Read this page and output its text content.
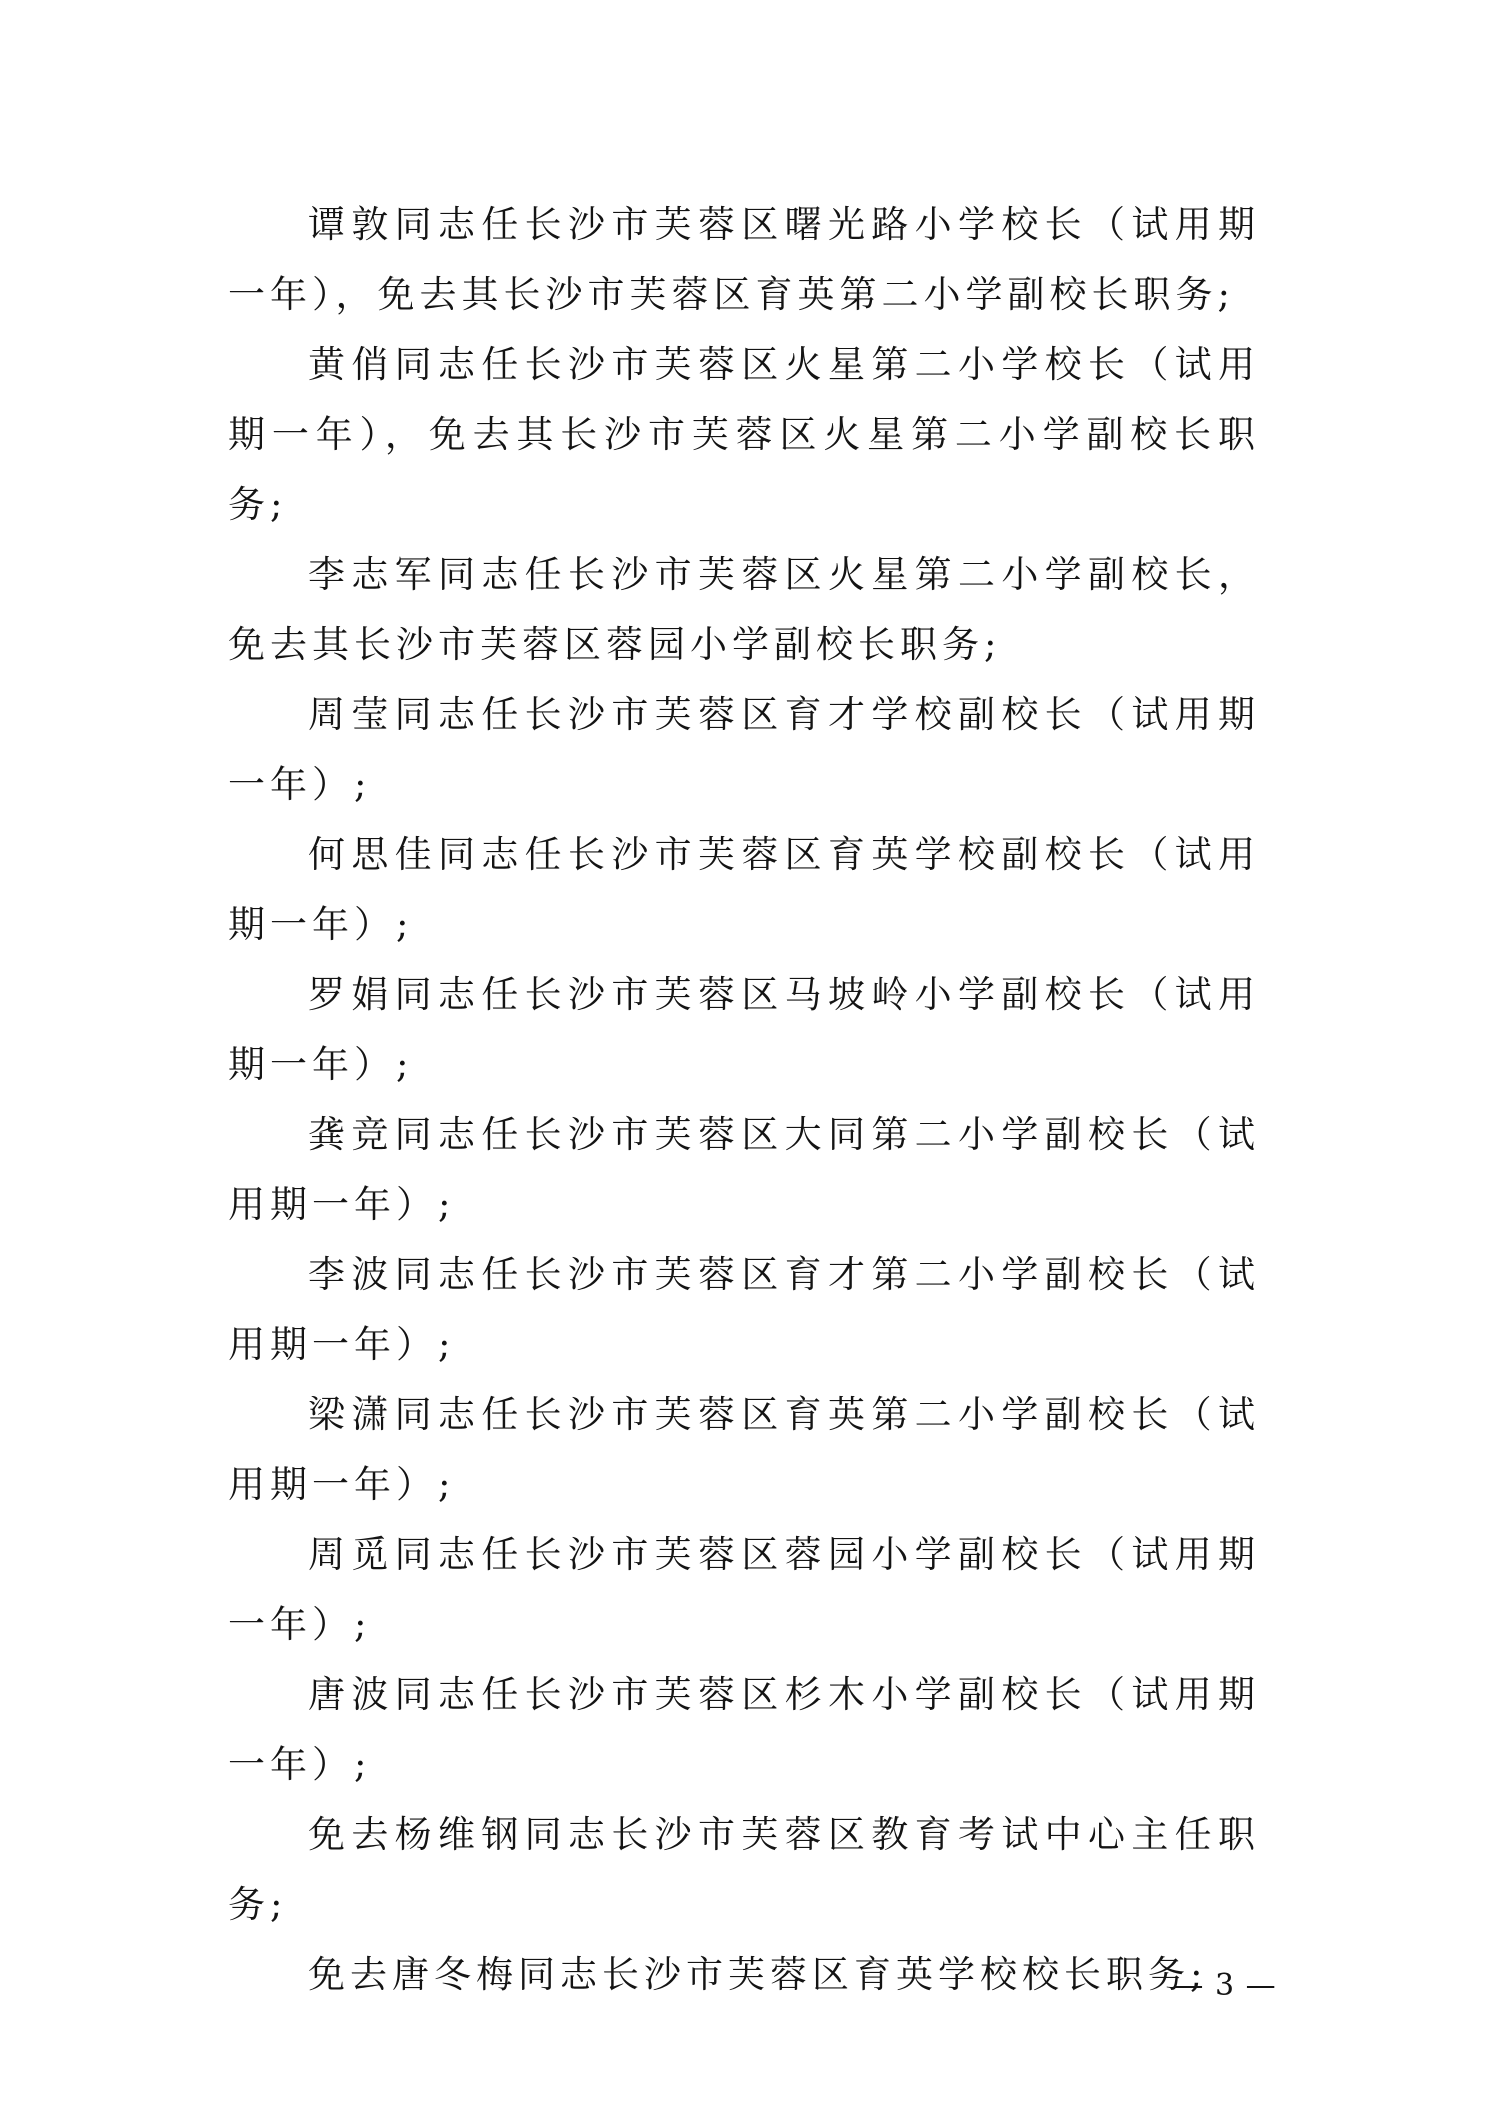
谭敦同志任长沙市芙蓉区曙光路小学校长（试用期一年），免去其长沙市芙蓉区育英第二小学副校长职务;

黄俏同志任长沙市芙蓉区火星第二小学校长（试用期一年），免去其长沙市芙蓉区火星第二小学副校长职务;

李志军同志任长沙市芙蓉区火星第二小学副校长，免去其长沙市芙蓉区蓉园小学副校长职务;

周莹同志任长沙市芙蓉区育才学校副校长（试用期一年）;

何思佳同志任长沙市芙蓉区育英学校副校长（试用期一年）;

罗娟同志任长沙市芙蓉区马坡岭小学副校长（试用期一年）;

龚竞同志任长沙市芙蓉区大同第二小学副校长（试用期一年）;

李波同志任长沙市芙蓉区育才第二小学副校长（试用期一年）;

梁潇同志任长沙市芙蓉区育英第二小学副校长（试用期一年）;

周觅同志任长沙市芙蓉区蓉园小学副校长（试用期一年）;

唐波同志任长沙市芙蓉区杉木小学副校长（试用期一年）;

免去杨维钢同志长沙市芙蓉区教育考试中心主任职务;

免去唐冬梅同志长沙市芙蓉区育英学校校长职务;

— 3 —
